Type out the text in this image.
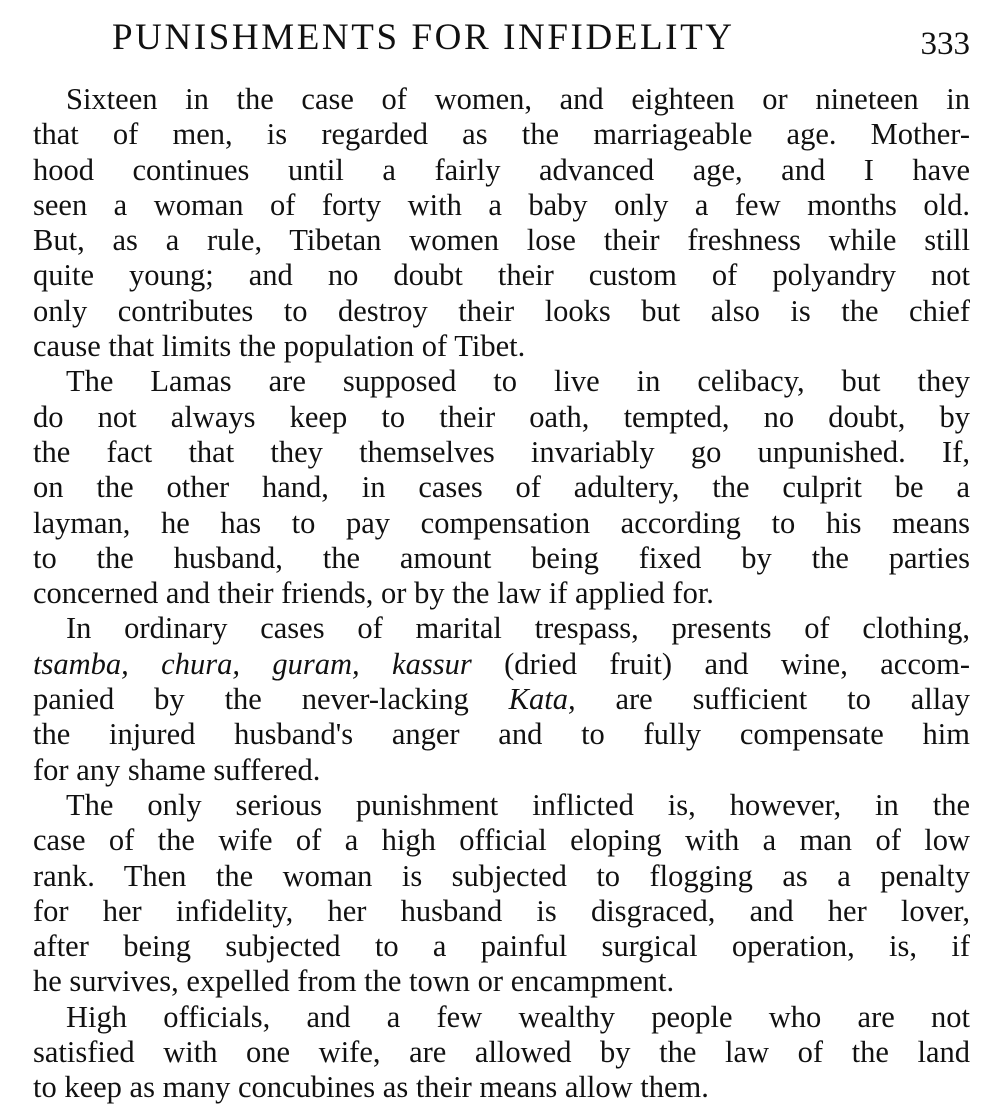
PUNISHMENTS FOR INFIDELITY	333
Sixteen in the case of women, and eighteen or nineteen in
that of men, is regarded as the marriageable age. Mother-
hood continues until a fairly advanced age, and I have
seen a woman of forty with a baby only a few months old.
But, as a rule, Tibetan women lose their freshness while still
quite young; and no doubt their custom of polyandry not
only contributes to destroy their looks but also is the chief
cause that limits the population of Tibet.
The Lamas are supposed to live in celibacy, but they
do not always keep to their oath, tempted, no doubt, by
the fact that they themselves invariably go unpunished. If,
on the other hand, in cases of adultery, the culprit be a
layman, he has to pay compensation according to his means
to the husband, the amount being fixed by the parties
concerned and their friends, or by the law if applied for.
In ordinary cases of marital trespass, presents of clothing,
tsamba, chura, guram, kassur (dried fruit) and wine, accom-
panied by the never-lacking Kata, are sufficient to allay
the injured husband's anger and to fully compensate him
for any shame suffered.
The only serious punishment inflicted is, however, in the
case of the wife of a high official eloping with a man of low
rank. Then the woman is subjected to flogging as a penalty
for her infidelity, her husband is disgraced, and her lover,
after being subjected to a painful surgical operation, is, if
he survives, expelled from the town or encampment.
High officials, and a few wealthy people who are not
satisfied with one wife, are allowed by the law of the land
to keep as many concubines as their means allow them.
